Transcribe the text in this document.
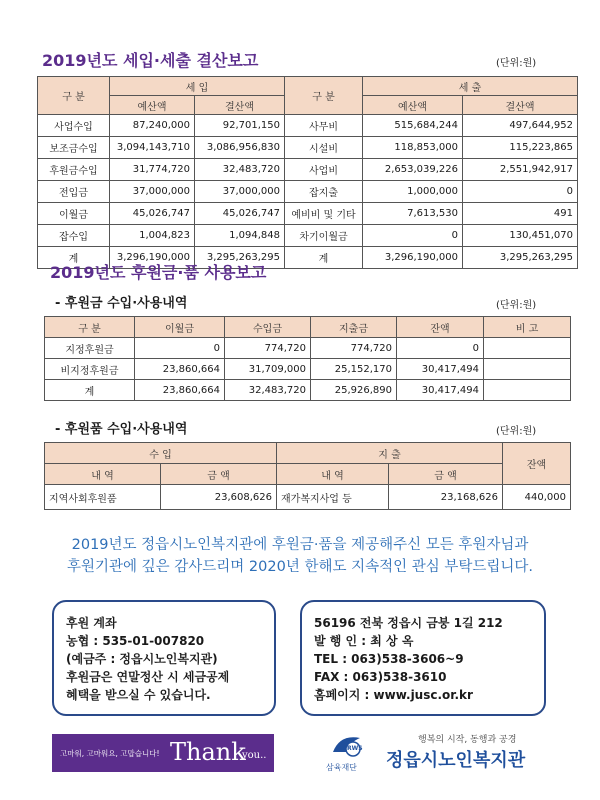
2019년도 세입·세출 결산보고	(단위:원)
구 분	세 입		구 분	세 출	
	예산액	결산액		예산액	결산액
사업수입	87,240,000	92,701,150	사무비	515,684,244	497,644,952
보조금수입	3,094,143,710	3,086,956,830	시설비	118,853,000	115,223,865
후원금수입	31,774,720	32,483,720	사업비	2,653,039,226	2,551,942,917
전입금	37,000,000	37,000,000	잡지출	1,000,000	0
이월금	45,026,747	45,026,747	예비비 및 기타	7,613,530	491
잡수입	1,004,823	1,094,848	차기이월금	0	130,451,070
계	3,296,190,000	3,295,263,295	계	3,296,190,000	3,295,263,295
2019년도 후원금·품 사용보고
- 후원금 수입·사용내역	(단위:원)
구 분	이월금	수입금	지출금	잔액	비 고
지정후원금	0	774,720	774,720	0	
비지정후원금	23,860,664	31,709,000	25,152,170	30,417,494	
계	23,860,664	32,483,720	25,926,890	30,417,494	
- 후원품 수입·사용내역	(단위:원)
수 입		지 출		잔액
내 역	금 액	내 역	금 액	
지역사회후원품	23,608,626	재가복지사업 등	23,168,626	440,000
2019년도 정읍시노인복지관에 후원금·품을 제공해주신 모든 후원자님과
후원기관에 깊은 감사드리며 2020년 한해도 지속적인 관심 부탁드립니다.
후원 계좌
농협 : 535-01-007820
(예금주 : 정읍시노인복지관)
후원금은 연말정산 시 세금공제
혜택을 받으실 수 있습니다.
56196 전북 정읍시 금붕 1길 212
발 행 인 : 최 상 옥
TEL : 063)538-3606~9
FAX : 063)538-3610
홈페이지 : www.jusc.or.kr
고마워, 고마워요, 고맙습니다! Thank
you..
RWS
삼육재단
행복의 시작, 동행과 공경
정읍시노인복지관
